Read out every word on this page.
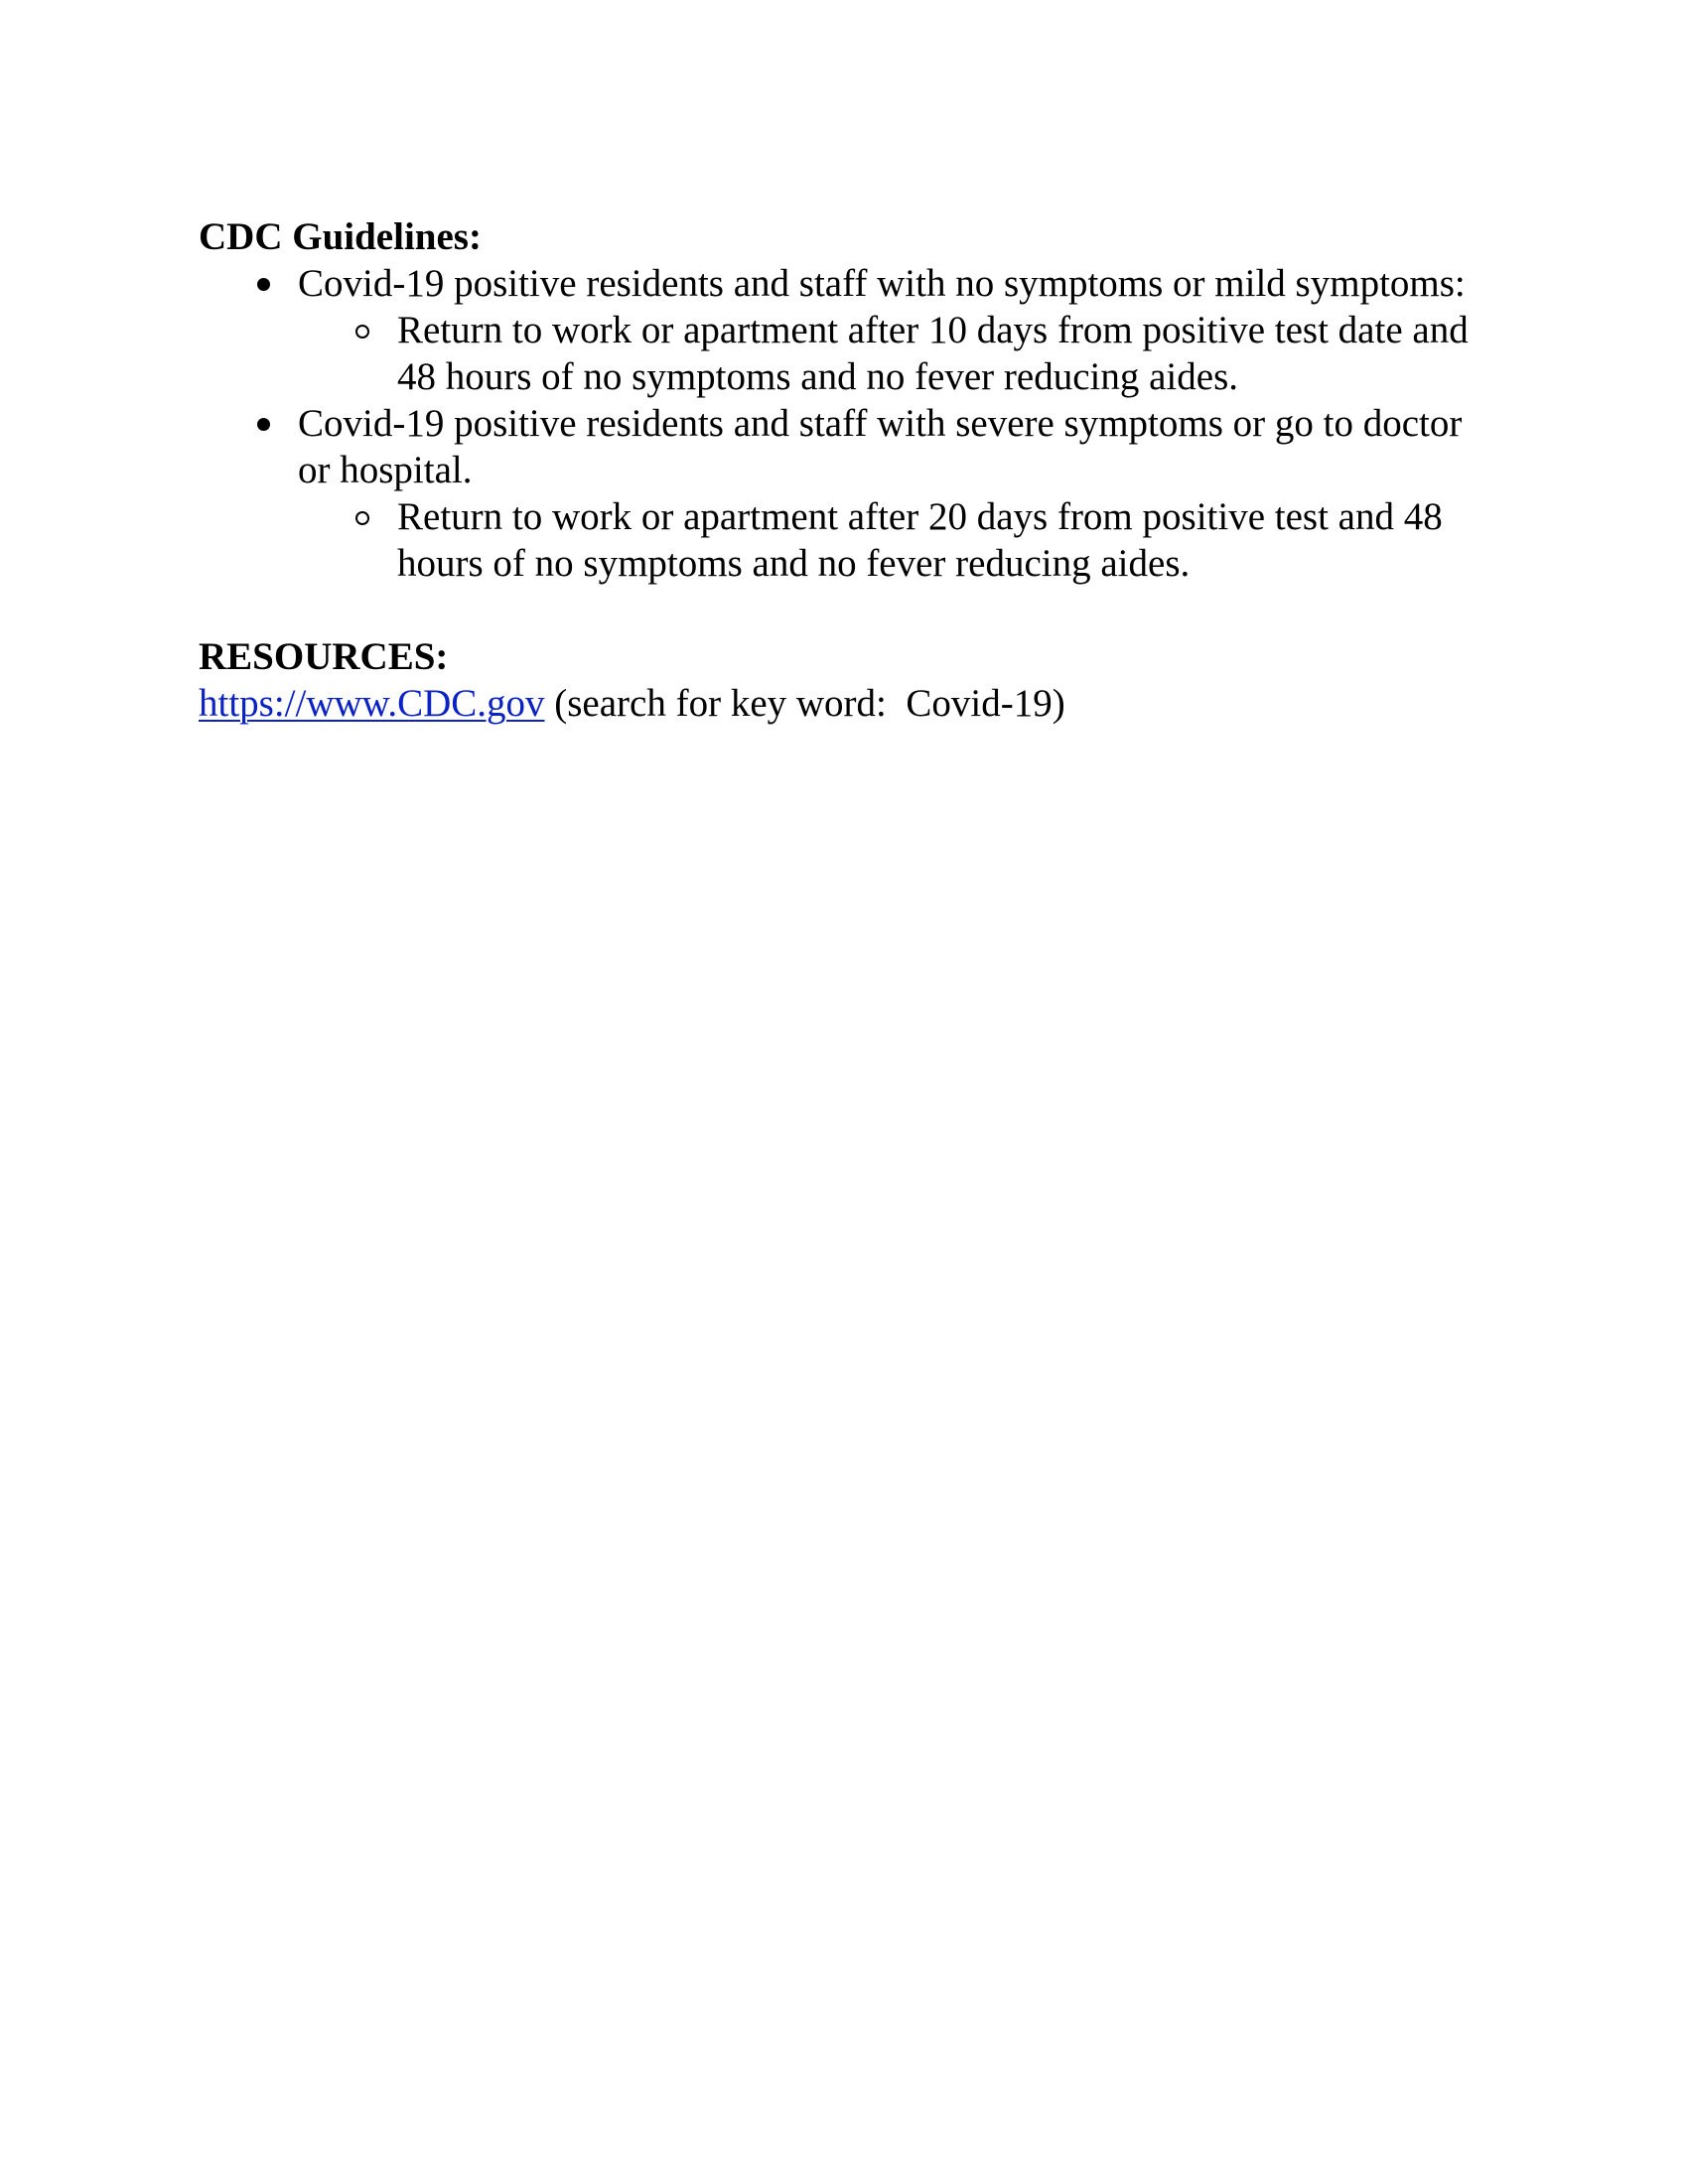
CDC Guidelines:

Covid-19 positive residents and staff with no symptoms or mild symptoms:
Return to work or apartment after 10 days from positive test date and 48 hours of no symptoms and no fever reducing aides.
Covid-19 positive residents and staff with severe symptoms or go to doctor or hospital.
Return to work or apartment after 20 days from positive test and 48 hours of no symptoms and no fever reducing aides.

RESOURCES:

https://www.CDC.gov (search for key word:  Covid-19)
